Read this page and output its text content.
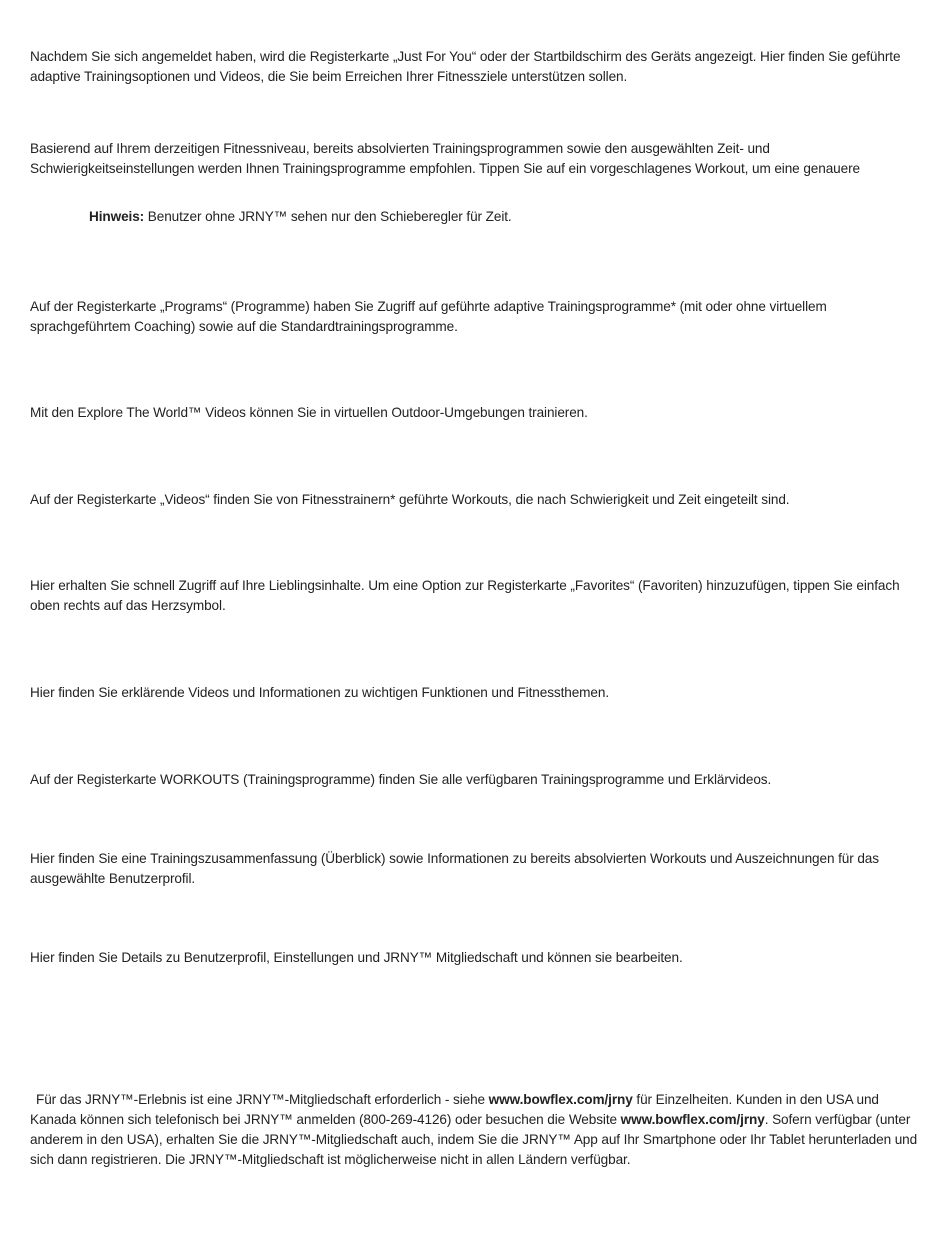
Nachdem Sie sich angemeldet haben, wird die Registerkarte „Just For You“ oder der Startbildschirm des Geräts angezeigt. Hier finden Sie geführte adaptive Trainingsoptionen und Videos, die Sie beim Erreichen Ihrer Fitnessziele unterstützen sollen.

Basierend auf Ihrem derzeitigen Fitnessniveau, bereits absolvierten Trainingsprogrammen sowie den ausgewählten Zeit- und Schwierigkeitseinstellungen werden Ihnen Trainingsprogramme empfohlen. Tippen Sie auf ein vorgeschlagenes Workout, um eine genauere

Hinweis: Benutzer ohne JRNY™ sehen nur den Schieberegler für Zeit.

Auf der Registerkarte „Programs“ (Programme) haben Sie Zugriff auf geführte adaptive Trainingsprogramme* (mit oder ohne virtuellem sprachgeführtem Coaching) sowie auf die Standardtrainingsprogramme.

Mit den Explore The World™ Videos können Sie in virtuellen Outdoor-Umgebungen trainieren.

Auf der Registerkarte „Videos“ finden Sie von Fitnesstrainern* geführte Workouts, die nach Schwierigkeit und Zeit eingeteilt sind.

Hier erhalten Sie schnell Zugriff auf Ihre Lieblingsinhalte. Um eine Option zur Registerkarte „Favorites“ (Favoriten) hinzuzufügen, tippen Sie einfach oben rechts auf das Herzsymbol.

Hier finden Sie erklärende Videos und Informationen zu wichtigen Funktionen und Fitnessthemen.

Auf der Registerkarte WORKOUTS (Trainingsprogramme) finden Sie alle verfügbaren Trainingsprogramme und Erklärvideos.

Hier finden Sie eine Trainingszusammenfassung (Überblick) sowie Informationen zu bereits absolvierten Workouts und Auszeichnungen für das ausgewählte Benutzerprofil.

Hier finden Sie Details zu Benutzerprofil, Einstellungen und JRNY™ Mitgliedschaft und können sie bearbeiten.

Für das JRNY™-Erlebnis ist eine JRNY™-Mitgliedschaft erforderlich - siehe www.bowflex.com/jrny für Einzelheiten. Kunden in den USA und Kanada können sich telefonisch bei JRNY™ anmelden (800-269-4126) oder besuchen die Website www.bowflex.com/jrny. Sofern verfügbar (unter anderem in den USA), erhalten Sie die JRNY™-Mitgliedschaft auch, indem Sie die JRNY™ App auf Ihr Smartphone oder Ihr Tablet herunterladen und sich dann registrieren. Die JRNY™-Mitgliedschaft ist möglicherweise nicht in allen Ländern verfügbar.
